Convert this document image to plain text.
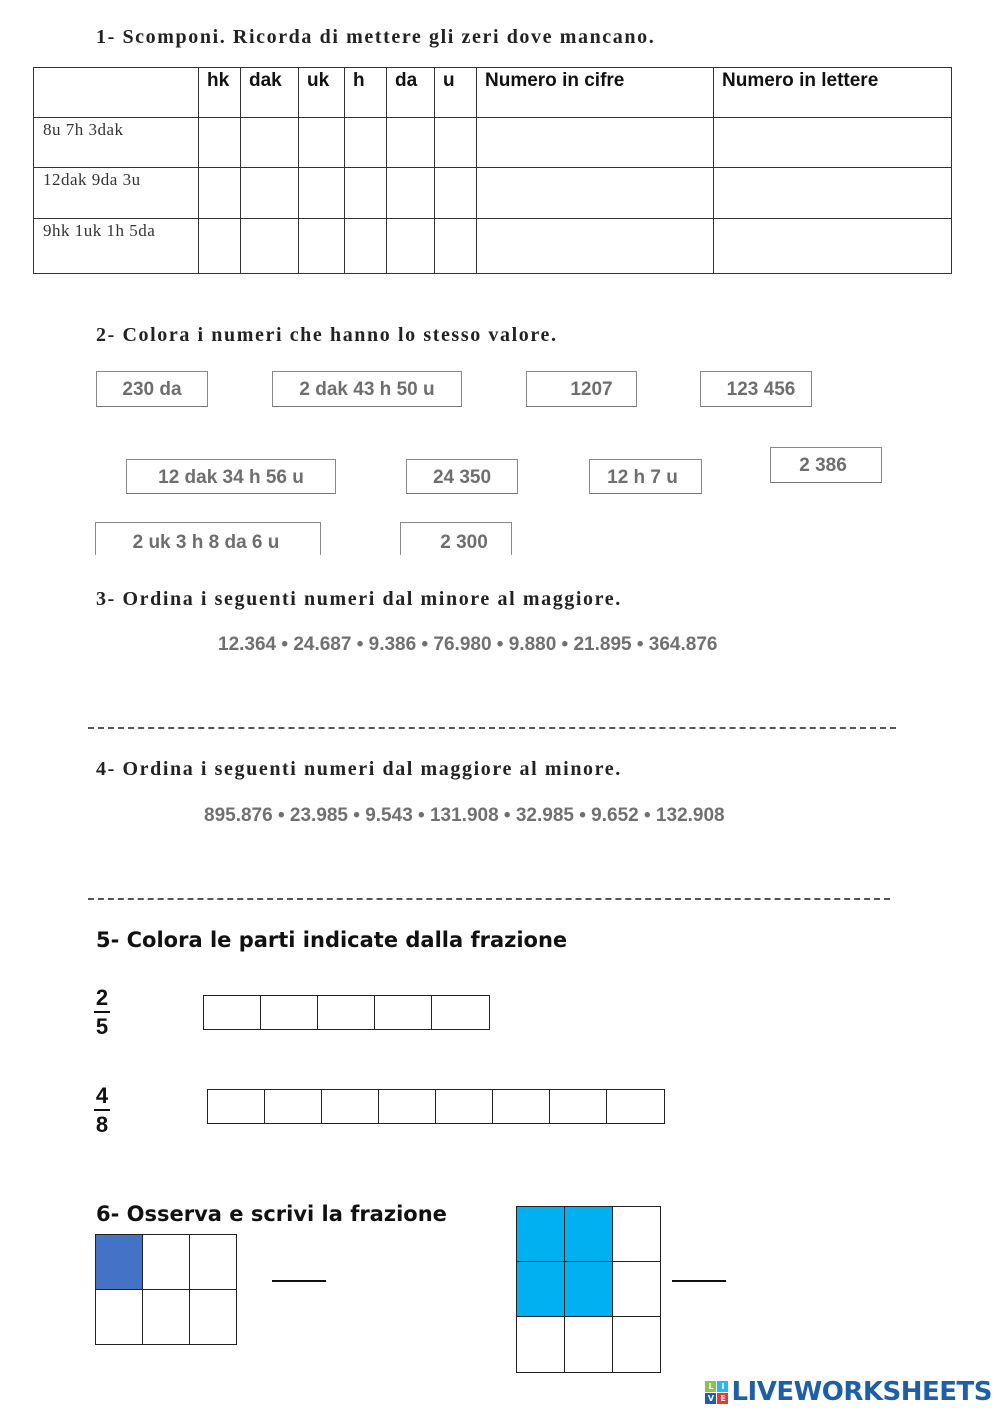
1- Scomponi. Ricorda di mettere gli zeri dove mancano.
	hk	dak	uk	h	da	u	Numero in cifre	Numero in lettere
8u 7h 3dak								
12dak 9da 3u								
9hk 1uk 1h 5da								
2- Colora i numeri che hanno lo stesso valore.
230 da	2 dak 43 h 50 u	1207	123 456
12 dak 34 h 56 u	24 350	12 h 7 u
2 386
2 uk 3 h 8 da 6 u	2 300
3- Ordina i seguenti numeri dal minore al maggiore.
12.364 • 24.687 • 9.386 • 76.980 • 9.880 • 21.895 • 364.876
4- Ordina i seguenti numeri dal maggiore al minore.
895.876 • 23.985 • 9.543 • 131.908 • 32.985 • 9.652 • 132.908
5- Colora le parti indicate dalla frazione
$\frac{2}{5}$
$\frac{4}{8}$
6- Osserva e scrivi la frazione
L I
V E LIVEWORKSHEETS
